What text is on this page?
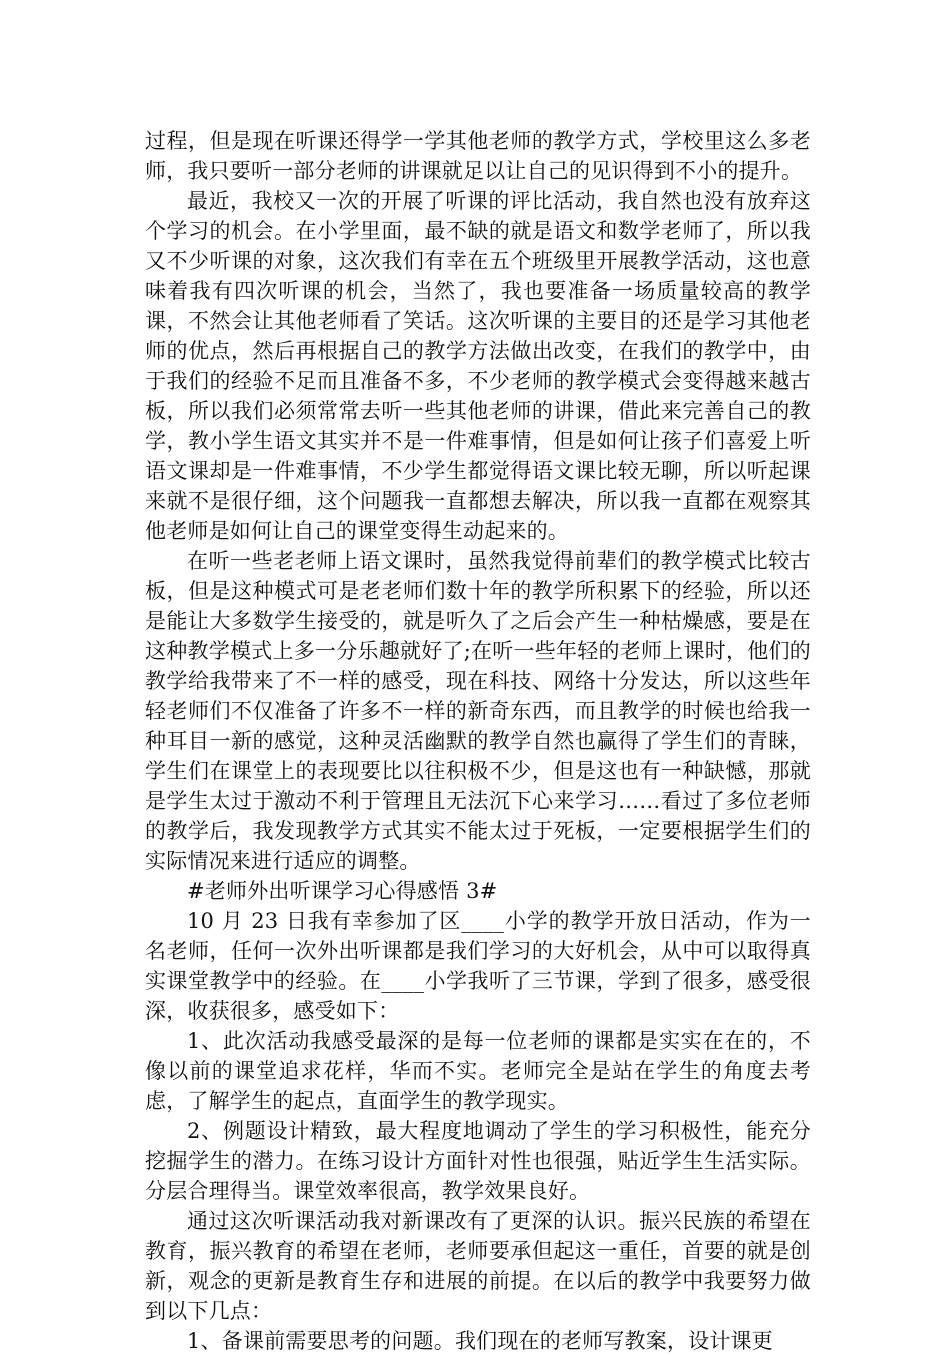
过程，但是现在听课还得学一学其他老师的教学方式，学校里这么多老师，我只要听一部分老师的讲课就足以让自己的见识得到不小的提升。

最近，我校又一次的开展了听课的评比活动，我自然也没有放弃这个学习的机会。在小学里面，最不缺的就是语文和数学老师了，所以我又不少听课的对象，这次我们有幸在五个班级里开展教学活动，这也意味着我有四次听课的机会，当然了，我也要准备一场质量较高的教学课，不然会让其他老师看了笑话。这次听课的主要目的还是学习其他老师的优点，然后再根据自己的教学方法做出改变，在我们的教学中，由于我们的经验不足而且准备不多，不少老师的教学模式会变得越来越古板，所以我们必须常常去听一些其他老师的讲课，借此来完善自己的教学，教小学生语文其实并不是一件难事情，但是如何让孩子们喜爱上听语文课却是一件难事情，不少学生都觉得语文课比较无聊，所以听起课来就不是很仔细，这个问题我一直都想去解决，所以我一直都在观察其他老师是如何让自己的课堂变得生动起来的。

在听一些老老师上语文课时，虽然我觉得前辈们的教学模式比较古板，但是这种模式可是老老师们数十年的教学所积累下的经验，所以还是能让大多数学生接受的，就是听久了之后会产生一种枯燥感，要是在这种教学模式上多一分乐趣就好了;在听一些年轻的老师上课时，他们的教学给我带来了不一样的感受，现在科技、网络十分发达，所以这些年轻老师们不仅准备了许多不一样的新奇东西，而且教学的时候也给我一种耳目一新的感觉，这种灵活幽默的教学自然也赢得了学生们的青睐，学生们在课堂上的表现要比以往积极不少，但是这也有一种缺憾，那就是学生太过于激动不利于管理且无法沉下心来学习……看过了多位老师的教学后，我发现教学方式其实不能太过于死板，一定要根据学生们的实际情况来进行适应的调整。

#老师外出听课学习心得感悟 3#

10 月 23 日我有幸参加了区____小学的教学开放日活动，作为一名老师，任何一次外出听课都是我们学习的大好机会，从中可以取得真实课堂教学中的经验。在____小学我听了三节课，学到了很多，感受很深，收获很多，感受如下：

1、此次活动我感受最深的是每一位老师的课都是实实在在的，不像以前的课堂追求花样，华而不实。老师完全是站在学生的角度去考虑，了解学生的起点，直面学生的教学现实。

2、例题设计精致，最大程度地调动了学生的学习积极性，能充分挖掘学生的潜力。在练习设计方面针对性也很强，贴近学生生活实际。分层合理得当。课堂效率很高，教学效果良好。

通过这次听课活动我对新课改有了更深的认识。振兴民族的希望在教育，振兴教育的希望在老师，老师要承但起这一重任，首要的就是创新，观念的更新是教育生存和进展的前提。在以后的教学中我要努力做到以下几点：

1、备课前需要思考的问题。我们现在的老师写教案，设计课更
